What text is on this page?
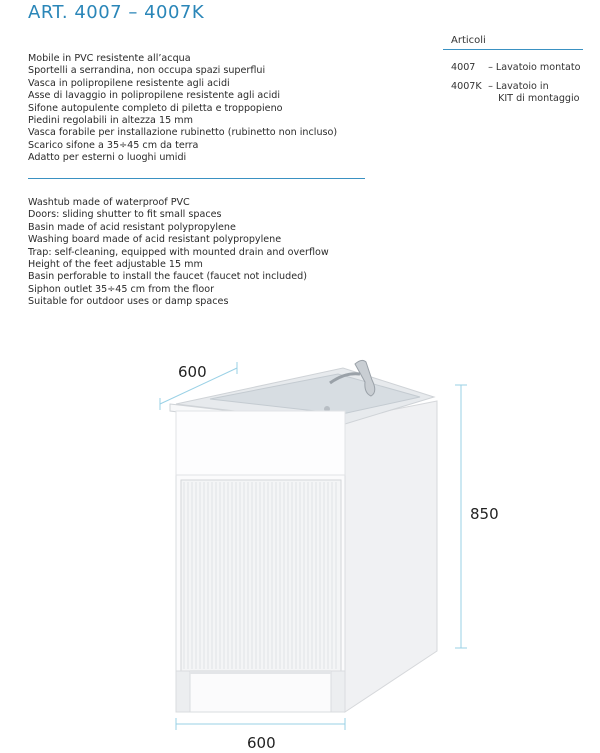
ART. 4007 – 4007K
Mobile in PVC resistente all’acqua
Sportelli a serrandina, non occupa spazi superflui
Vasca in polipropilene resistente agli acidi
Asse di lavaggio in polipropilene resistente agli acidi
Sifone autopulente completo di piletta e troppopieno
Piedini regolabili in altezza 15 mm
Vasca forabile per installazione rubinetto (rubinetto non incluso)
Scarico sifone a 35÷45 cm da terra
Adatto per esterni o luoghi umidi
Washtub made of waterproof PVC
Doors: sliding shutter to fit small spaces
Basin made of acid resistant polypropylene
Washing board made of acid resistant polypropylene
Trap: self-cleaning, equipped with mounted drain and overflow
Height of the feet adjustable 15 mm
Basin perforable to install the faucet (faucet not included)
Siphon outlet 35÷45 cm from the floor
Suitable for outdoor uses or damp spaces
Articoli
4007 – Lavatoio montato
4007K – Lavatoio in
KIT di montaggio
600
850
600
